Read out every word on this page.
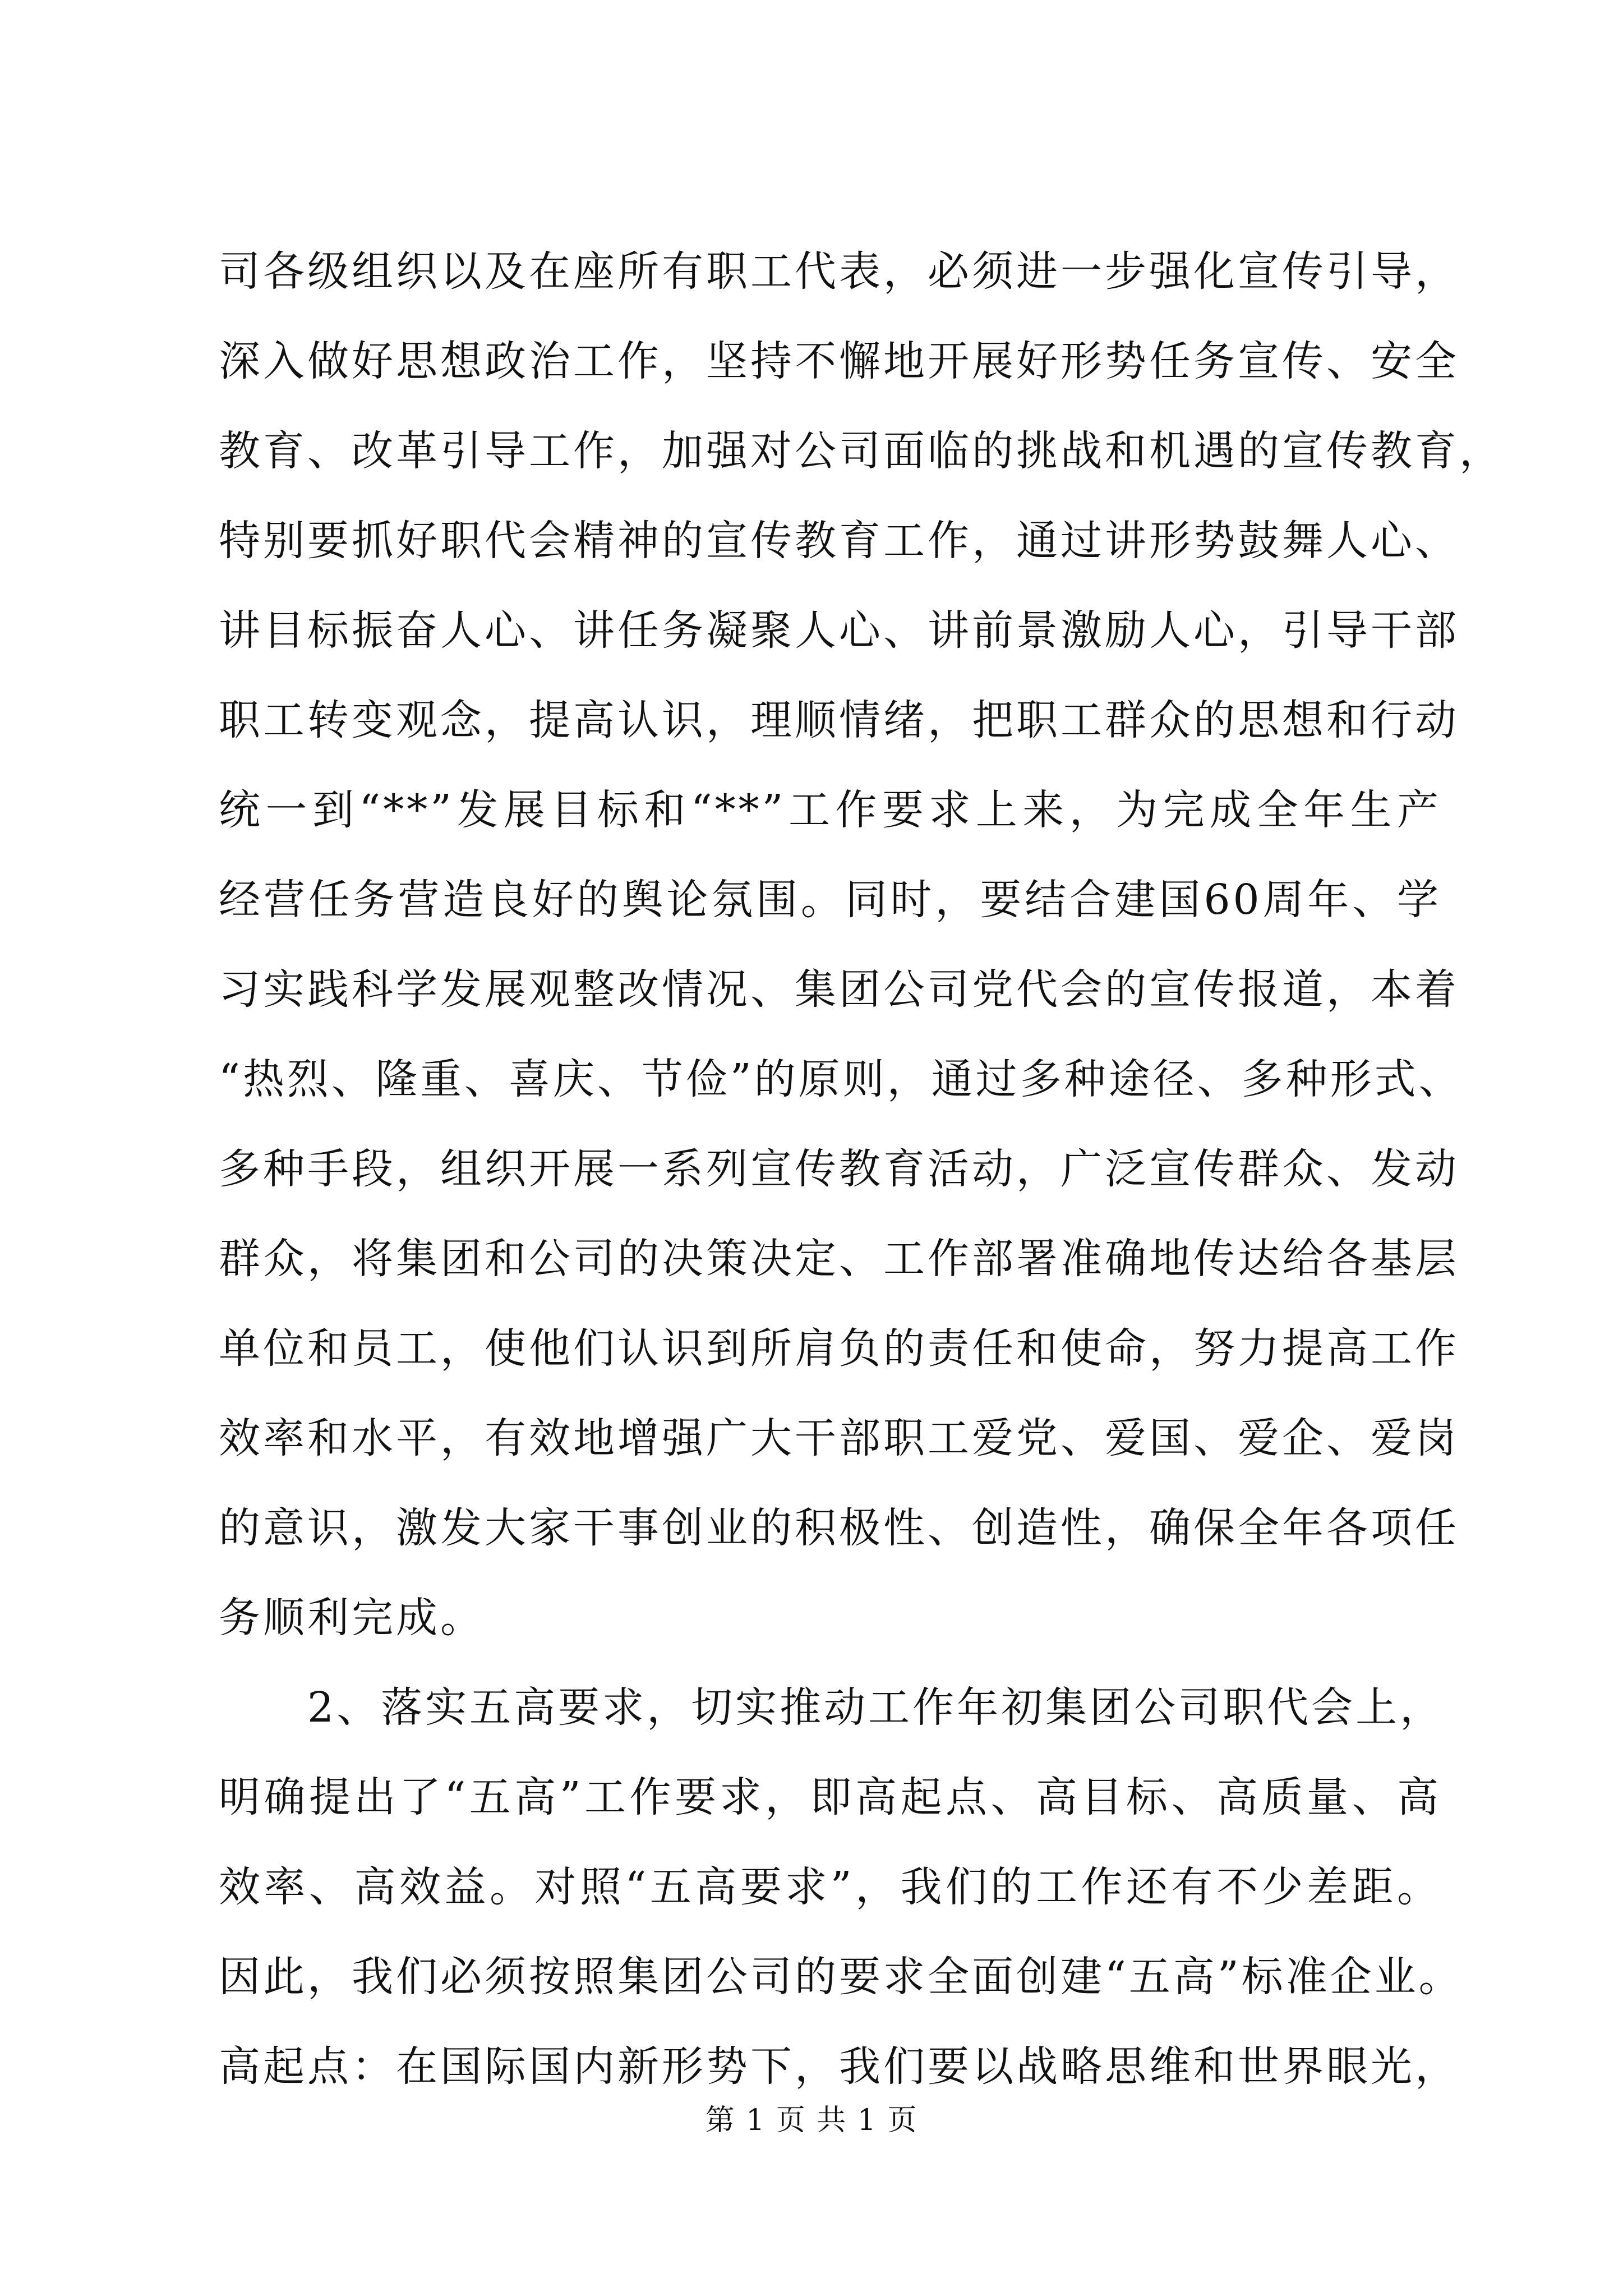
司各级组织以及在座所有职工代表，必须进一步强化宣传引导，
深入做好思想政治工作，坚持不懈地开展好形势任务宣传、安全
教育、改革引导工作，加强对公司面临的挑战和机遇的宣传教育，
特别要抓好职代会精神的宣传教育工作，通过讲形势鼓舞人心、
讲目标振奋人心、讲任务凝聚人心、讲前景激励人心，引导干部
职工转变观念，提高认识，理顺情绪，把职工群众的思想和行动
统一到“**”发展目标和“**”工作要求上来，为完成全年生产
经营任务营造良好的舆论氛围。同时，要结合建国60周年、学
习实践科学发展观整改情况、集团公司党代会的宣传报道，本着
“热烈、隆重、喜庆、节俭”的原则，通过多种途径、多种形式、
多种手段，组织开展一系列宣传教育活动，广泛宣传群众、发动
群众，将集团和公司的决策决定、工作部署准确地传达给各基层
单位和员工，使他们认识到所肩负的责任和使命，努力提高工作
效率和水平，有效地增强广大干部职工爱党、爱国、爱企、爱岗
的意识，激发大家干事创业的积极性、创造性，确保全年各项任
务顺利完成。
　　2、落实五高要求，切实推动工作年初集团公司职代会上，
明确提出了“五高”工作要求，即高起点、高目标、高质量、高
效率、高效益。对照“五高要求”，我们的工作还有不少差距。
因此，我们必须按照集团公司的要求全面创建“五高”标准企业。
高起点：在国际国内新形势下，我们要以战略思维和世界眼光，
第 1 页 共 1 页
